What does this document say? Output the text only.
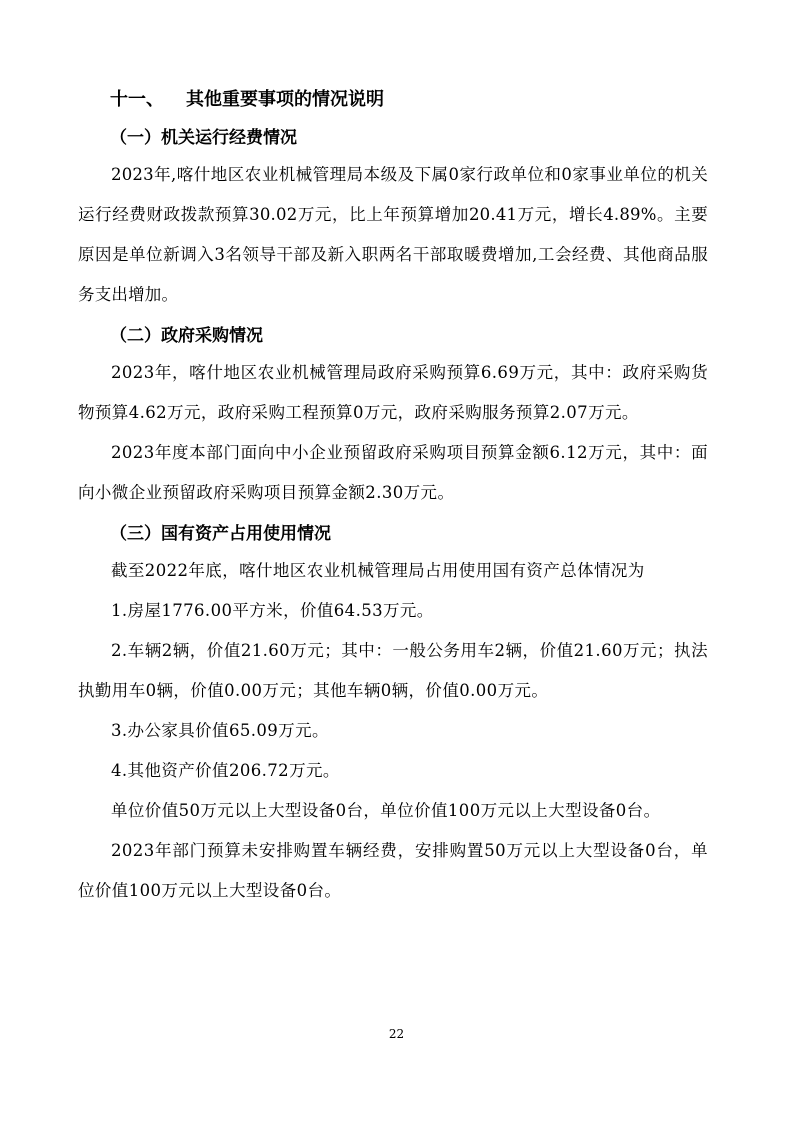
十一、 其他重要事项的情况说明
（一）机关运行经费情况
2023年,喀什地区农业机械管理局本级及下属0家行政单位和0家事业单位的机关运行经费财政拨款预算30.02万元，比上年预算增加20.41万元，增长4.89%。主要原因是单位新调入3名领导干部及新入职两名干部取暖费增加,工会经费、其他商品服务支出增加。
（二）政府采购情况
2023年，喀什地区农业机械管理局政府采购预算6.69万元，其中：政府采购货物预算4.62万元，政府采购工程预算0万元，政府采购服务预算2.07万元。
2023年度本部门面向中小企业预留政府采购项目预算金额6.12万元，其中：面向小微企业预留政府采购项目预算金额2.30万元。
（三）国有资产占用使用情况
截至2022年底，喀什地区农业机械管理局占用使用国有资产总体情况为
1.房屋1776.00平方米，价值64.53万元。
2.车辆2辆，价值21.60万元；其中：一般公务用车2辆，价值21.60万元；执法执勤用车0辆，价值0.00万元；其他车辆0辆，价值0.00万元。
3.办公家具价值65.09万元。
4.其他资产价值206.72万元。
单位价值50万元以上大型设备0台，单位价值100万元以上大型设备0台。
2023年部门预算未安排购置车辆经费，安排购置50万元以上大型设备0台，单位价值100万元以上大型设备0台。
22
